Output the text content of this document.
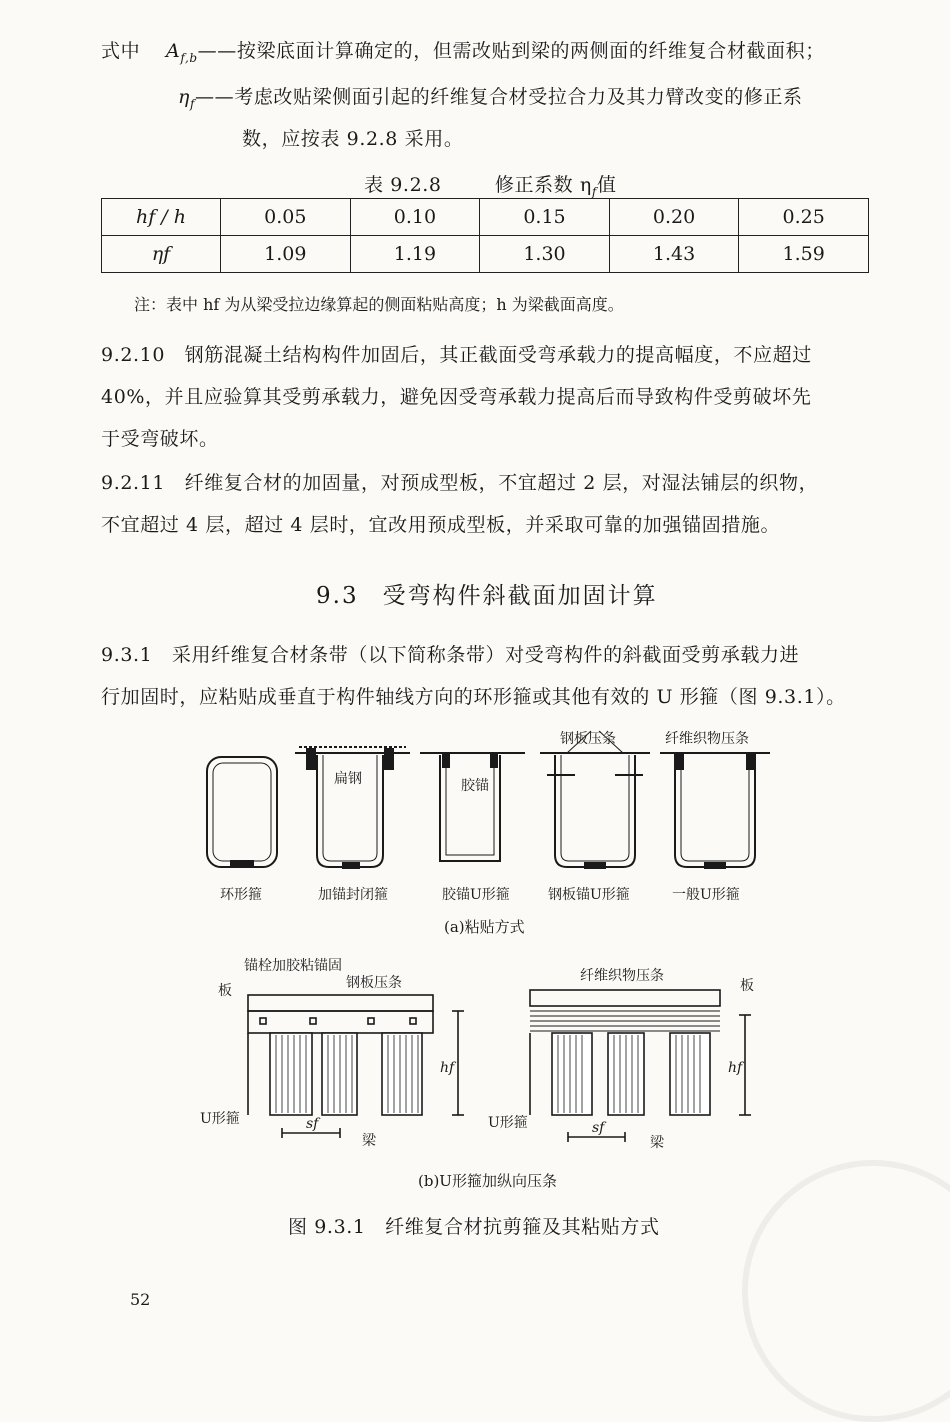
式中 $A_{f,b}——$按梁底面计算确定的，但需改贴到梁的两侧面的纤维复合材截面积；
$\eta_f——$考虑改贴梁侧面引起的纤维复合材受拉合力及其力臂改变的修正系
数，应按表 9.2.8 采用。
表 9.2.8	修正系数 $\eta_f$值
hf / h	0.05	0.10	0.15	0.20	0.25
ηf	1.09	1.19	1.30	1.43	1.59
注：表中 hf 为从梁受拉边缘算起的侧面粘贴高度；h 为梁截面高度。
9.2.10　钢筋混凝土结构构件加固后，其正截面受弯承载力的提高幅度，不应超过
40%，并且应验算其受剪承载力，避免因受弯承载力提高后而导致构件受剪破坏先
于受弯破坏。
9.2.11　纤维复合材的加固量，对预成型板，不宜超过 2 层，对湿法铺层的织物，
不宜超过 4 层，超过 4 层时，宜改用预成型板，并采取可靠的加强锚固措施。
9.3 受弯构件斜截面加固计算
9.3.1　采用纤维复合材条带（以下简称条带）对受弯构件的斜截面受剪承载力进
行加固时，应粘贴成垂直于构件轴线方向的环形箍或其他有效的 U 形箍（图 9.3.1）。
钢板压条	纤维织物压条
扁钢	胶锚
环形箍	加锚封闭箍	胶锚U形箍	钢板锚U形箍	一般U形箍
(a)粘贴方式
锚栓加胶粘锚固
钢板压条
板
U形箍
梁
sf
hf
纤维织物压条
板
U形箍
梁
sf
hf
(b)U形箍加纵向压条
图 9.3.1　纤维复合材抗剪箍及其粘贴方式
52
